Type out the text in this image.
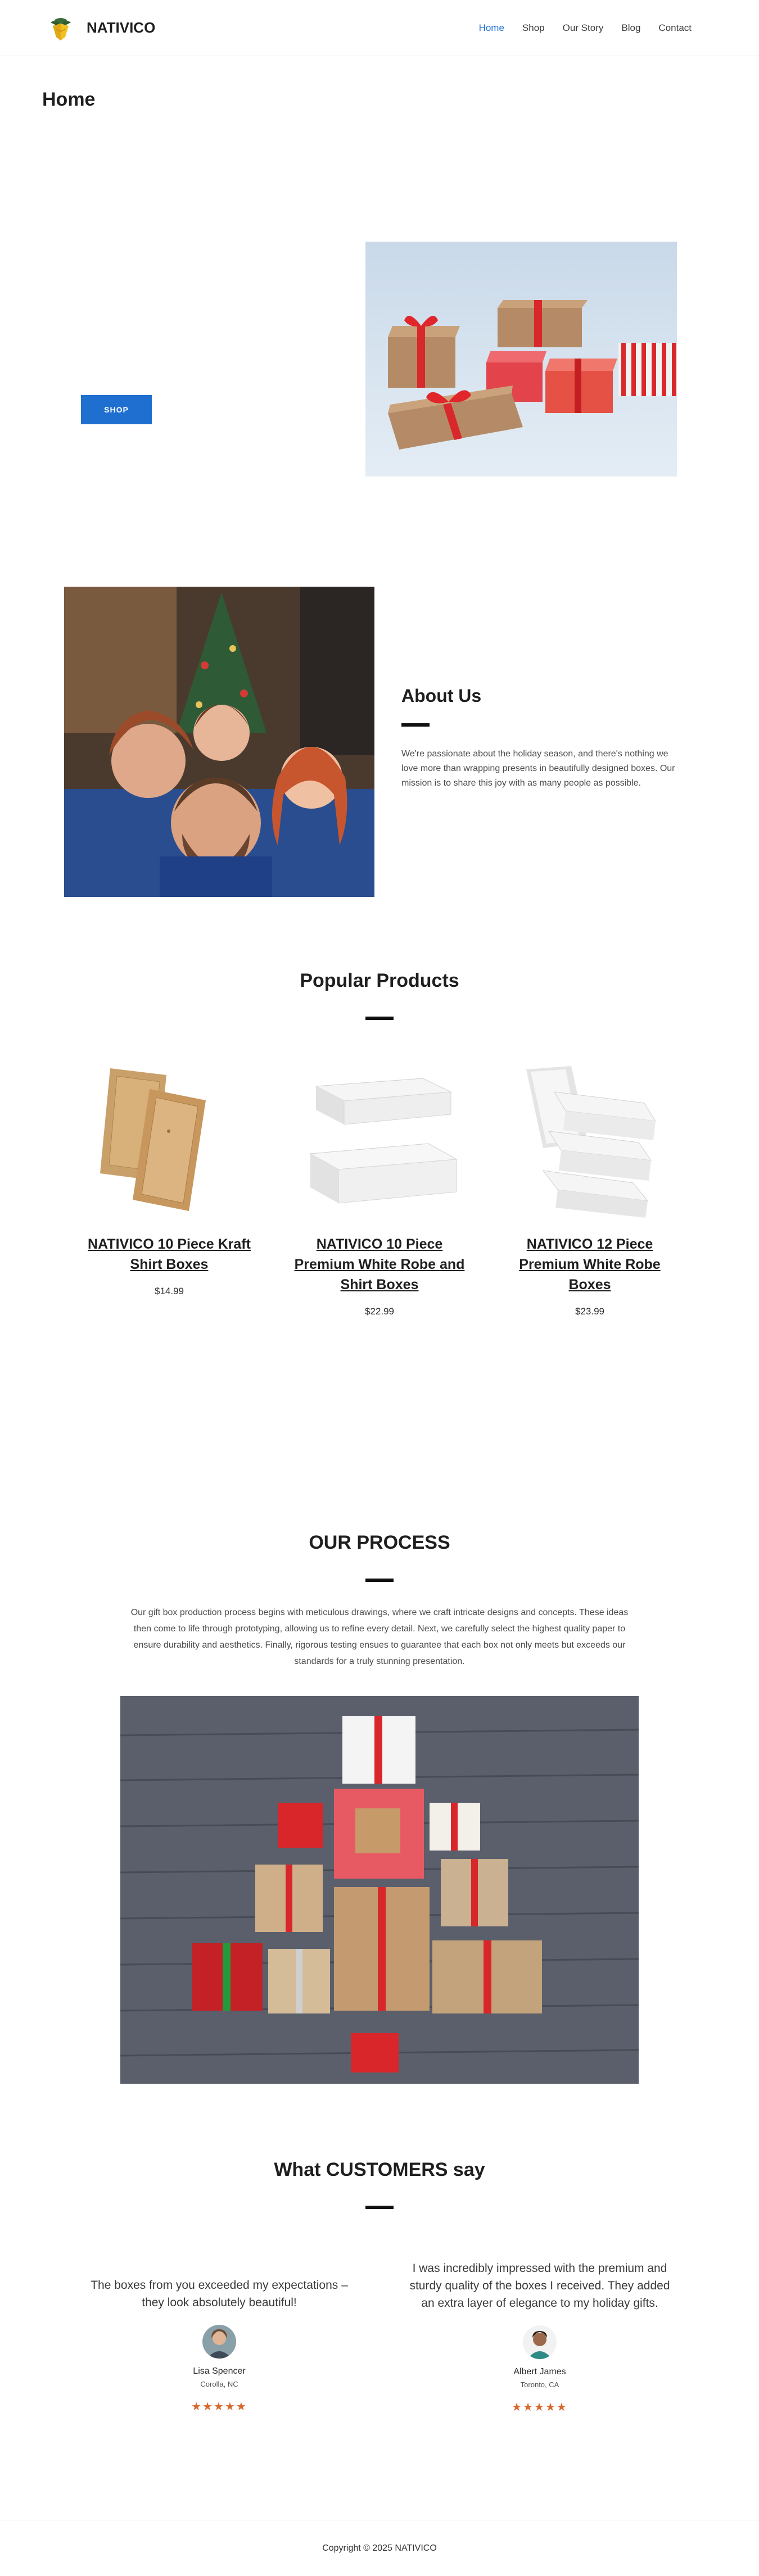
NATIVICO	Home Shop Our Story Blog Contact
Home
SHOP
About Us

We're passionate about the holiday season, and there's nothing we love more than wrapping presents in beautifully designed boxes. Our mission is to share this joy with as many people as possible.

Popular Products
NATIVICO 10 Piece Kraft Shirt Boxes
$14.99
NATIVICO 10 Piece Premium White Robe and Shirt Boxes
$22.99
NATIVICO 12 Piece Premium White Robe Boxes
$23.99
OUR PROCESS

Our gift box production process begins with meticulous drawings, where we craft intricate designs and concepts. These ideas then come to life through prototyping, allowing us to refine every detail. Next, we carefully select the highest quality paper to ensure durability and aesthetics. Finally, rigorous testing ensues to guarantee that each box not only meets but exceeds our standards for a truly stunning presentation.

What CUSTOMERS say

The boxes from you exceeded my expectations – they look absolutely beautiful!

Lisa Spencer
Corolla, NC
★★★★★

I was incredibly impressed with the premium and sturdy quality of the boxes I received. They added an extra layer of elegance to my holiday gifts.

Albert James
Toronto, CA
★★★★★
Copyright © 2025 NATIVICO
